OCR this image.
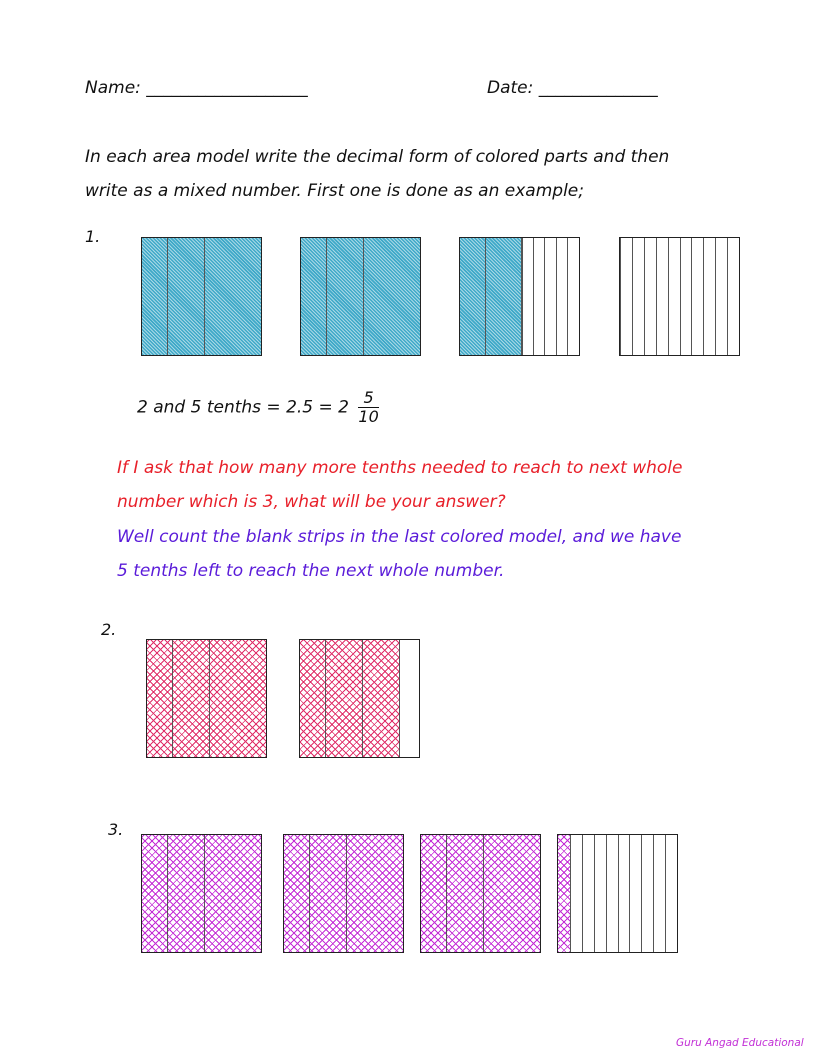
Name: ___________________	Date: ______________
In each area model write the decimal form of colored parts and then
write as a mixed number. First one is done as an example;
1.
2 and 5 tenths = $2.5 = 2 \frac{5}{10}$
If I ask that how many more tenths needed to reach to next whole
number which is 3, what will be your answer?
Well count the blank strips in the last colored model, and we have
5 tenths left to reach the next whole number.
2.
3.
Guru Angad Educational
